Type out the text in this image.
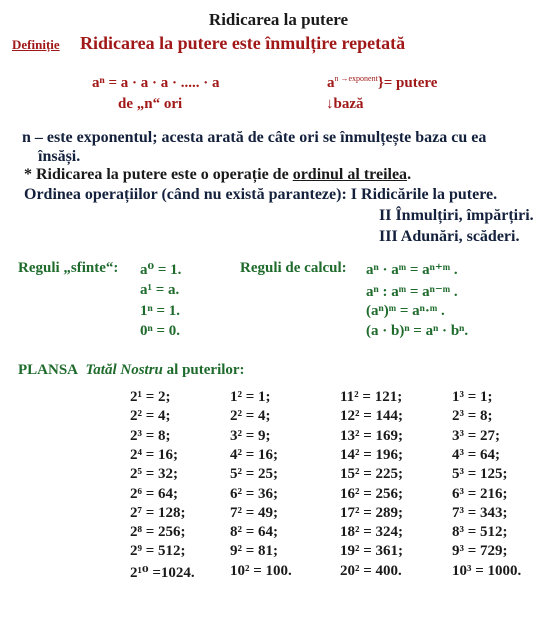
Ridicarea la putere
Definiție Ridicarea la putere este înmulțire repetată
aⁿ = a · a · a · ..... · a
de „n“ ori
$a^{n \to exponent}\}=$ putere
↓bază
n – este exponentul; acesta arată de câte ori se înmulțește baza cu ea
însăși.
* Ridicarea la putere este o operație de ordinul al treilea.
Ordinea operațiilor (când nu există paranteze): I Ridicările la putere.
II Înmulțiri, împărțiri.
III Adunări, scăderi.
Reguli „sfinte“: a⁰ = 1.
a¹ = a.
1ⁿ = 1.
0ⁿ = 0.
Reguli de calcul: aⁿ · aᵐ = aⁿ⁺ᵐ .
aⁿ : aᵐ = aⁿ⁻ᵐ .
(aⁿ)ᵐ = aⁿ·ᵐ .
(a · b)ⁿ = aⁿ · bⁿ.
PLANSA Tatăl Nostru al puterilor:
2¹ = 2;
2² = 4;
2³ = 8;
2⁴ = 16;
2⁵ = 32;
2⁶ = 64;
2⁷ = 128;
2⁸ = 256;
2⁹ = 512;
2¹⁰ =1024.
1² = 1;
2² = 4;
3² = 9;
4² = 16;
5² = 25;
6² = 36;
7² = 49;
8² = 64;
9² = 81;
10² = 100.
11² = 121;
12² = 144;
13² = 169;
14² = 196;
15² = 225;
16² = 256;
17² = 289;
18² = 324;
19² = 361;
20² = 400.
1³ = 1;
2³ = 8;
3³ = 27;
4³ = 64;
5³ = 125;
6³ = 216;
7³ = 343;
8³ = 512;
9³ = 729;
10³ = 1000.
